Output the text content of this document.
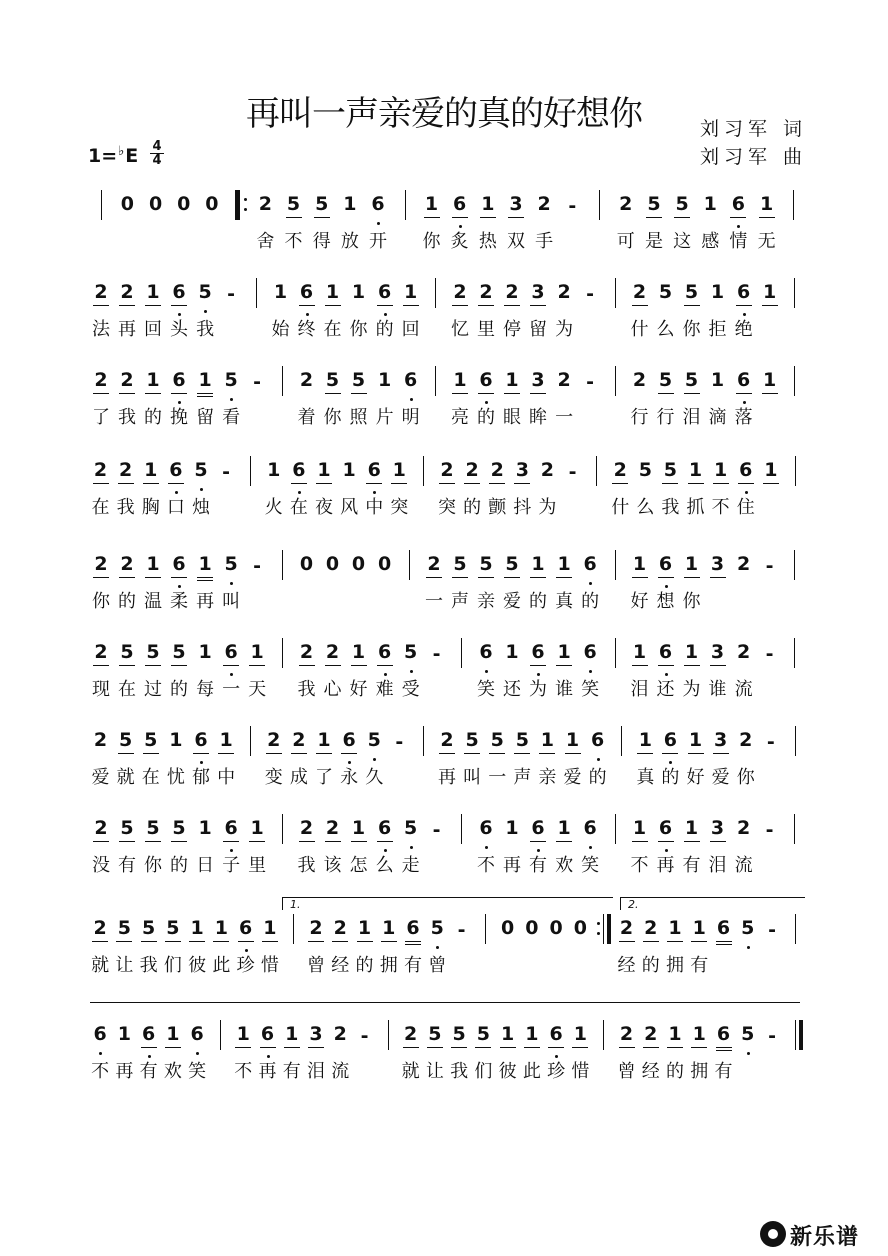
再叫一声亲爱的真的好想你	刘习军 词
刘习军 曲
1=♭E 4
4
0 0 0 0 2 5 5 1 6 1 6 1 3 2 - 2 5 5 1 6 1
舍 不 得 放 开 你 炙 热 双 手	可 是 这 感 情 无
2 2 1 6 5 - 1 6 1 1 6 1 2 2 2 3 2 - 2 5 5 1 6 1
法 再 回 头 我	始 终 在 你 的 回 忆 里 停 留 为	什 么 你 拒 绝
2 2 1 6 1 5 - 2 5 5 1 6 1 6 1 3 2 - 2 5 5 1 6 1
了 我 的 挽 留 看	着 你 照 片 明 亮 的 眼 眸 一	行 行 泪 滴 落
2 2 1 6 5 - 1 6 1 1 6 1 2 2 2 3 2 - 2 5 5 1 1 6 1
在 我 胸 口 烛	火 在 夜 风 中 突 突 的 颤 抖 为	什 么 我 抓 不 住
2 2 1 6 1 5 - 0 0 0 0 2 5 5 5 1 1 6 1 6 1 3 2 -
你 的 温 柔 再 叫	一 声 亲 爱 的 真 的 好 想 你
2 5 5 5 1 6 1 2 2 1 6 5 - 6 1 6 1 6 1 6 1 3 2 -
现 在 过 的 每 一 天 我 心 好 难 受	笑 还 为 谁 笑 泪 还 为 谁 流
2 5 5 1 6 1 2 2 1 6 5 - 2 5 5 5 1 1 6 1 6 1 3 2 -
爱 就 在 忧 郁 中 变 成 了 永 久	再 叫 一 声 亲 爱 的 真 的 好 爱 你
2 5 5 5 1 6 1 2 2 1 6 5 - 6 1 6 1 6 1 6 1 3 2 -
没 有 你 的 日 子 里 我 该 怎 么 走	不 再 有 欢 笑 不 再 有 泪 流
2 5 5 5 1 1 6 1 2 2 1 1 6 5 - 0 0 0 0 2 2 1 1 6 5 -
就 让 我 们 彼 此 珍 惜 曾 经 的 拥 有 曾	经 的 拥 有
6 1 6 1 6 1 6 1 3 2 - 2 5 5 5 1 1 6 1 2 2 1 1 6 5 -
不 再 有 欢 笑 不 再 有 泪 流	就 让 我 们 彼 此 珍 惜 曾 经 的 拥 有
1.	2.
新乐谱
